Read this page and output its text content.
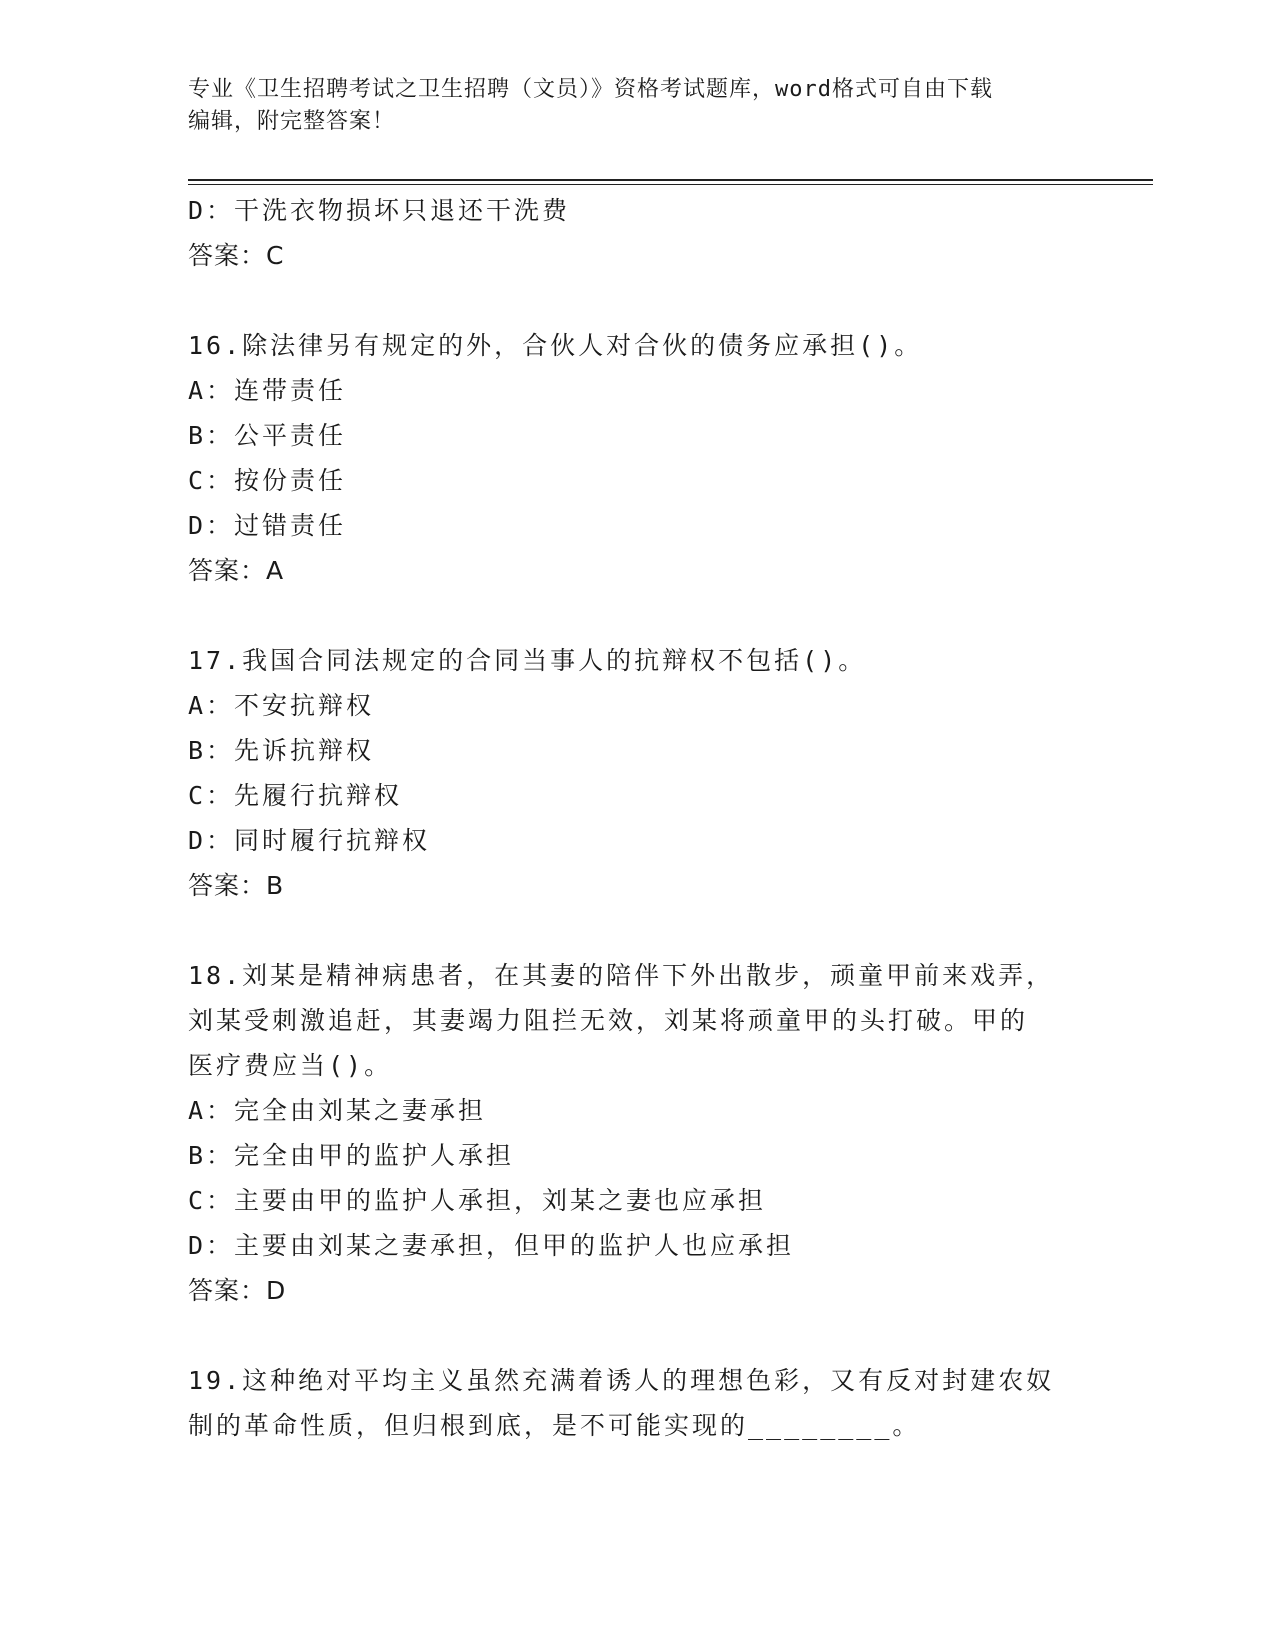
专业《卫生招聘考试之卫生招聘（文员）》资格考试题库，word格式可自由下载
编辑，附完整答案！
D：干洗衣物损坏只退还干洗费
答案：C
16.除法律另有规定的外，合伙人对合伙的债务应承担()。
A：连带责任
B：公平责任
C：按份责任
D：过错责任
答案：A
17.我国合同法规定的合同当事人的抗辩权不包括()。
A：不安抗辩权
B：先诉抗辩权
C：先履行抗辩权
D：同时履行抗辩权
答案：B
18.刘某是精神病患者，在其妻的陪伴下外出散步，顽童甲前来戏弄，
刘某受刺激追赶，其妻竭力阻拦无效，刘某将顽童甲的头打破。甲的
医疗费应当()。
A：完全由刘某之妻承担
B：完全由甲的监护人承担
C：主要由甲的监护人承担，刘某之妻也应承担
D：主要由刘某之妻承担，但甲的监护人也应承担
答案：D
19.这种绝对平均主义虽然充满着诱人的理想色彩，又有反对封建农奴
制的革命性质，但归根到底，是不可能实现的________。
